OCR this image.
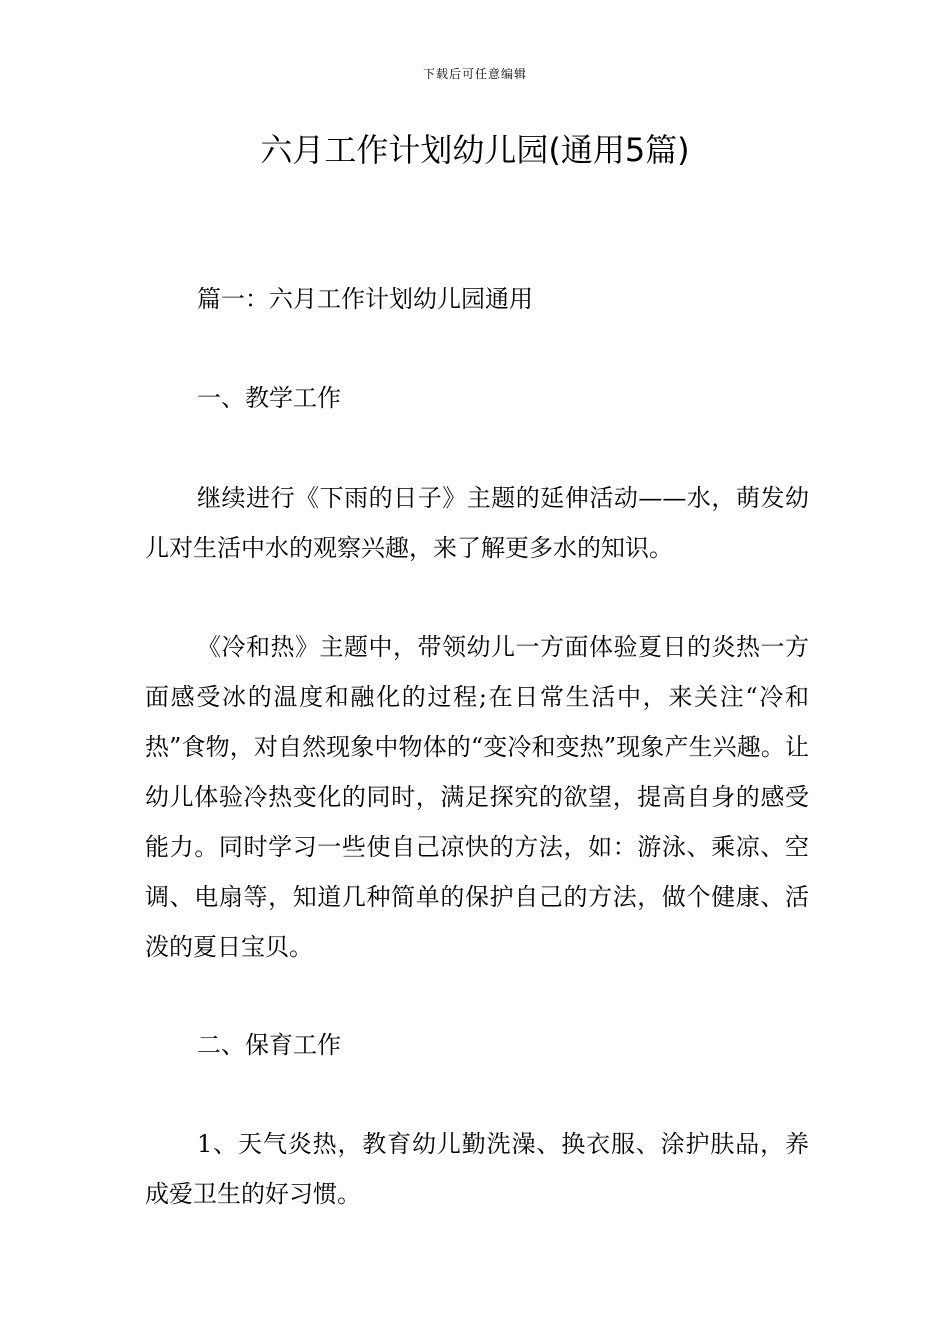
下载后可任意编辑
六月工作计划幼儿园(通用5篇)

篇一：六月工作计划幼儿园通用

一、教学工作

继续进行《下雨的日子》主题的延伸活动——水，萌发幼儿对生活中水的观察兴趣，来了解更多水的知识。

《冷和热》主题中，带领幼儿一方面体验夏日的炎热一方面感受冰的温度和融化的过程;在日常生活中，来关注“冷和热”食物，对自然现象中物体的“变冷和变热”现象产生兴趣。让幼儿体验冷热变化的同时，满足探究的欲望，提高自身的感受能力。同时学习一些使自己凉快的方法，如：游泳、乘凉、空调、电扇等，知道几种简单的保护自己的方法，做个健康、活泼的夏日宝贝。

二、保育工作

1、天气炎热，教育幼儿勤洗澡、换衣服、涂护肤品，养成爱卫生的好习惯。
